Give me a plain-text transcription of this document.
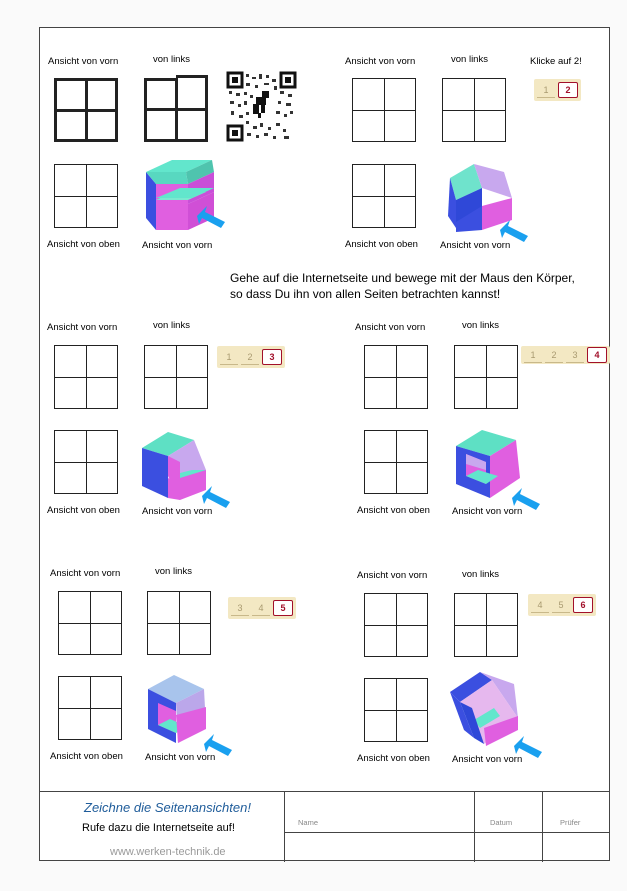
Ansicht von vorn	von links
Ansicht von oben Ansicht von vorn
Ansicht von vorn	von links	Klicke auf 2!
1	2
Ansicht von oben Ansicht von vorn
Gehe auf die Internetseite und bewege mit der Maus den Körper,
so dass Du ihn von allen Seiten betrachten kannst!
Ansicht von vorn	von links
1	2	3
Ansicht von oben Ansicht von vorn
Ansicht von vorn	von links
1	2	3	4
Ansicht von oben Ansicht von vorn
Ansicht von vorn	von links
3	4	5
Ansicht von oben Ansicht von vorn
Ansicht von vorn	von links
4	5	6
Ansicht von oben Ansicht von vorn
Zeichne die Seitenansichten!
Rufe dazu die Internetseite auf!
www.werken-technik.de
Name	Datum	Prüfer
